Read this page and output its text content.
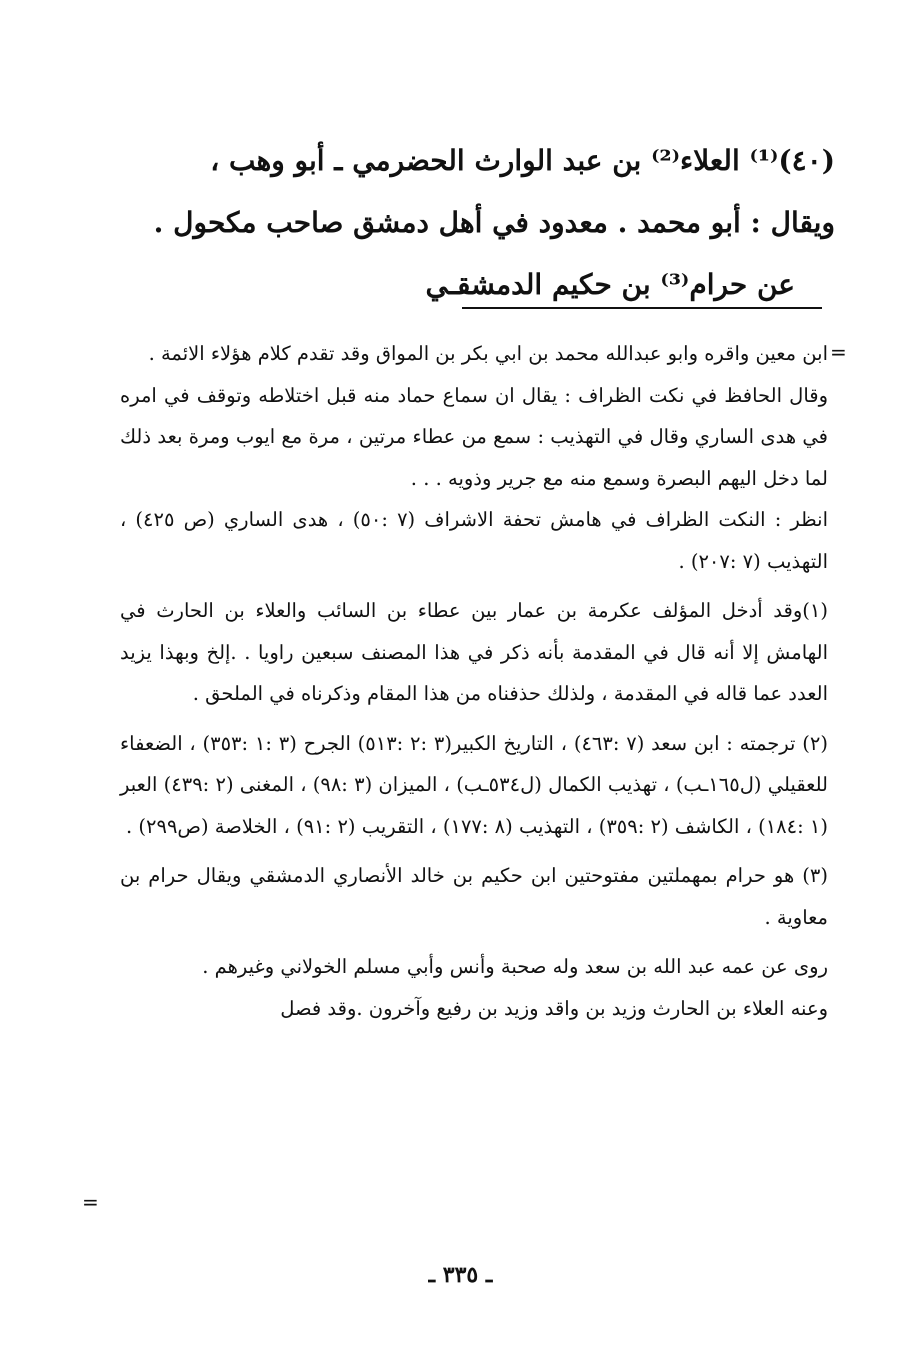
(٤٠)⁽¹⁾ العلاء⁽²⁾ بن عبد الوارث الحضرمي ـ أبو وهب ،
ويقال : أبو محمد . معدود في أهل دمشق صاحب مكحول .
عن حرام⁽³⁾ بن حكيم الدمشقـي
=

ابن معين واقره وابو عبدالله محمد بن ابي بكر بن المواق وقد تقدم كلام هؤلاء الائمة .

وقال الحافظ في نكت الظراف : يقال ان سماع حماد منه قبل اختلاطه وتوقف في امره في هدى الساري وقال في التهذيب : سمع من عطاء مرتين ، مرة مع ايوب ومرة بعد ذلك لما دخل اليهم البصرة وسمع منه مع جرير وذويه . . .

انظر : النكت الظراف في هامش تحفة الاشراف (٧ :٥٠) ، هدى الساري (ص ٤٢٥) ، التهذيب (٧ :٢٠٧) .

(١)وقد أدخل المؤلف عكرمة بن عمار بين عطاء بن السائب والعلاء بن الحارث في الهامش إلا أنه قال في المقدمة بأنه ذكر في هذا المصنف سبعين راويا . .إلخ وبهذا يزيد العدد عما قاله في المقدمة ، ولذلك حذفناه من هذا المقام وذكرناه في الملحق .

(٢) ترجمته : ابن سعد (٧ :٤٦٣) ، التاريخ الكبير(٣ :٢ :٥١٣) الجرح (٣ :١ :٣٥٣) ، الضعفاء للعقيلي (ل١٦٥ـب) ، تهذيب الكمال (ل٥٣٤ـب) ، الميزان (٣ :٩٨) ، المغنى (٢ :٤٣٩) العبر (١ :١٨٤) ، الكاشف (٢ :٣٥٩) ، التهذيب (٨ :١٧٧) ، التقريب (٢ :٩١) ، الخلاصة (ص٢٩٩) .

(٣) هو حرام بمهملتين مفتوحتين ابن حكيم بن خالد الأنصاري الدمشقي ويقال حرام بن معاوية .

روى عن عمه عبد الله بن سعد وله صحبة وأنس وأبي مسلم الخولاني وغيرهم .

وعنه العلاء بن الحارث وزيد بن واقد وزيد بن رفيع وآخرون .وقد فصل

=
ـ ٣٣٥ ـ
